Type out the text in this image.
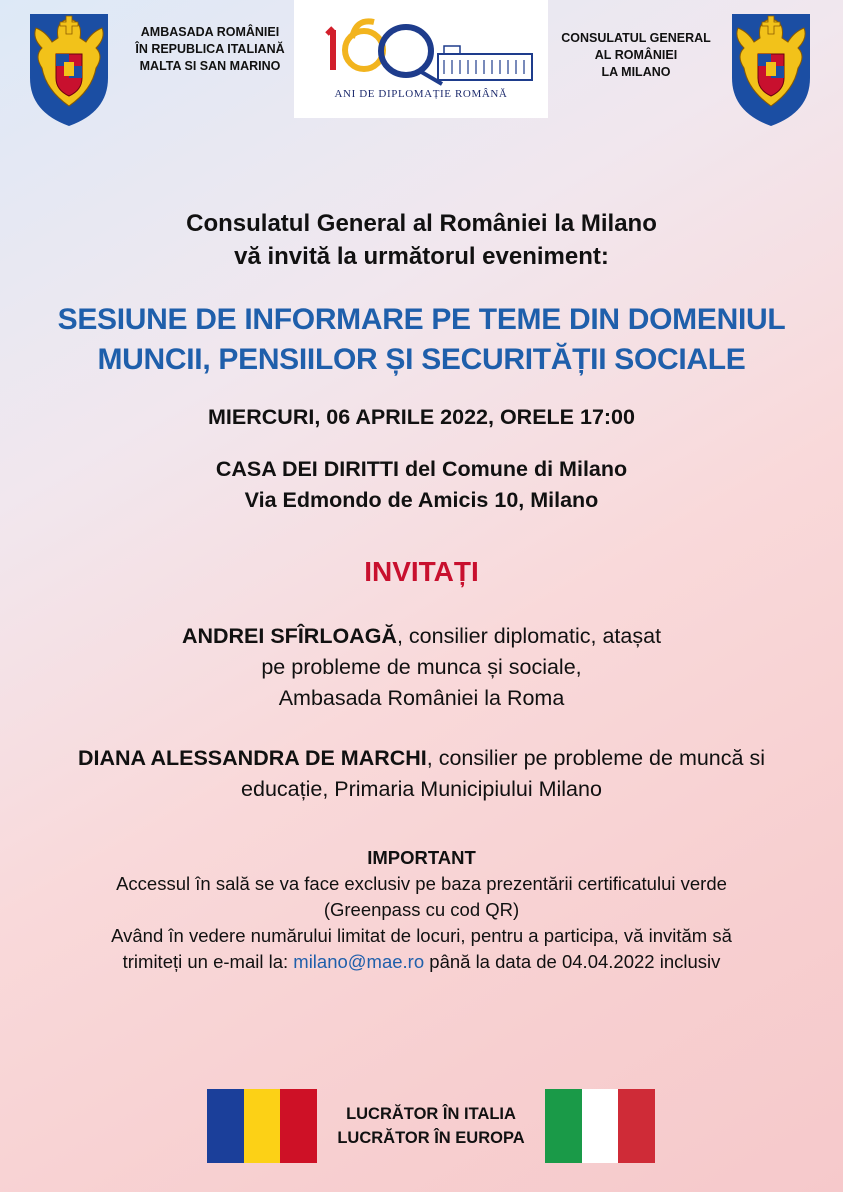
AMBASADA ROMÂNIEI
ÎN REPUBLICA ITALIANĂ
MALTA SI SAN MARINO
ANI DE DIPLOMAȚIE ROMÂNĂ
CONSULATUL GENERAL
AL ROMÂNIEI
LA MILANO
Consulatul General al României la Milano
vă invită la următorul eveniment:
SESIUNE DE INFORMARE PE TEME DIN DOMENIUL
MUNCII, PENSIILOR ȘI SECURITĂȚII SOCIALE
MIERCURI, 06 APRILE 2022, ORELE 17:00
CASA DEI DIRITTI del Comune di Milano
Via Edmondo de Amicis 10, Milano
INVITAȚI
ANDREI SFÎRLOAGĂ, consilier diplomatic, atașat
pe probleme de munca și sociale,
Ambasada României la Roma
DIANA ALESSANDRA DE MARCHI, consilier pe probleme de muncă si
educație, Primaria Municipiului Milano
IMPORTANT
Accessul în sală se va face exclusiv pe baza prezentării certificatului verde
(Greenpass cu cod QR)
Având în vedere numărului limitat de locuri, pentru a participa, vă invităm să
trimiteți un e-mail la: milano@mae.ro până la data de 04.04.2022 inclusiv
LUCRĂTOR ÎN ITALIA
LUCRĂTOR ÎN EUROPA
